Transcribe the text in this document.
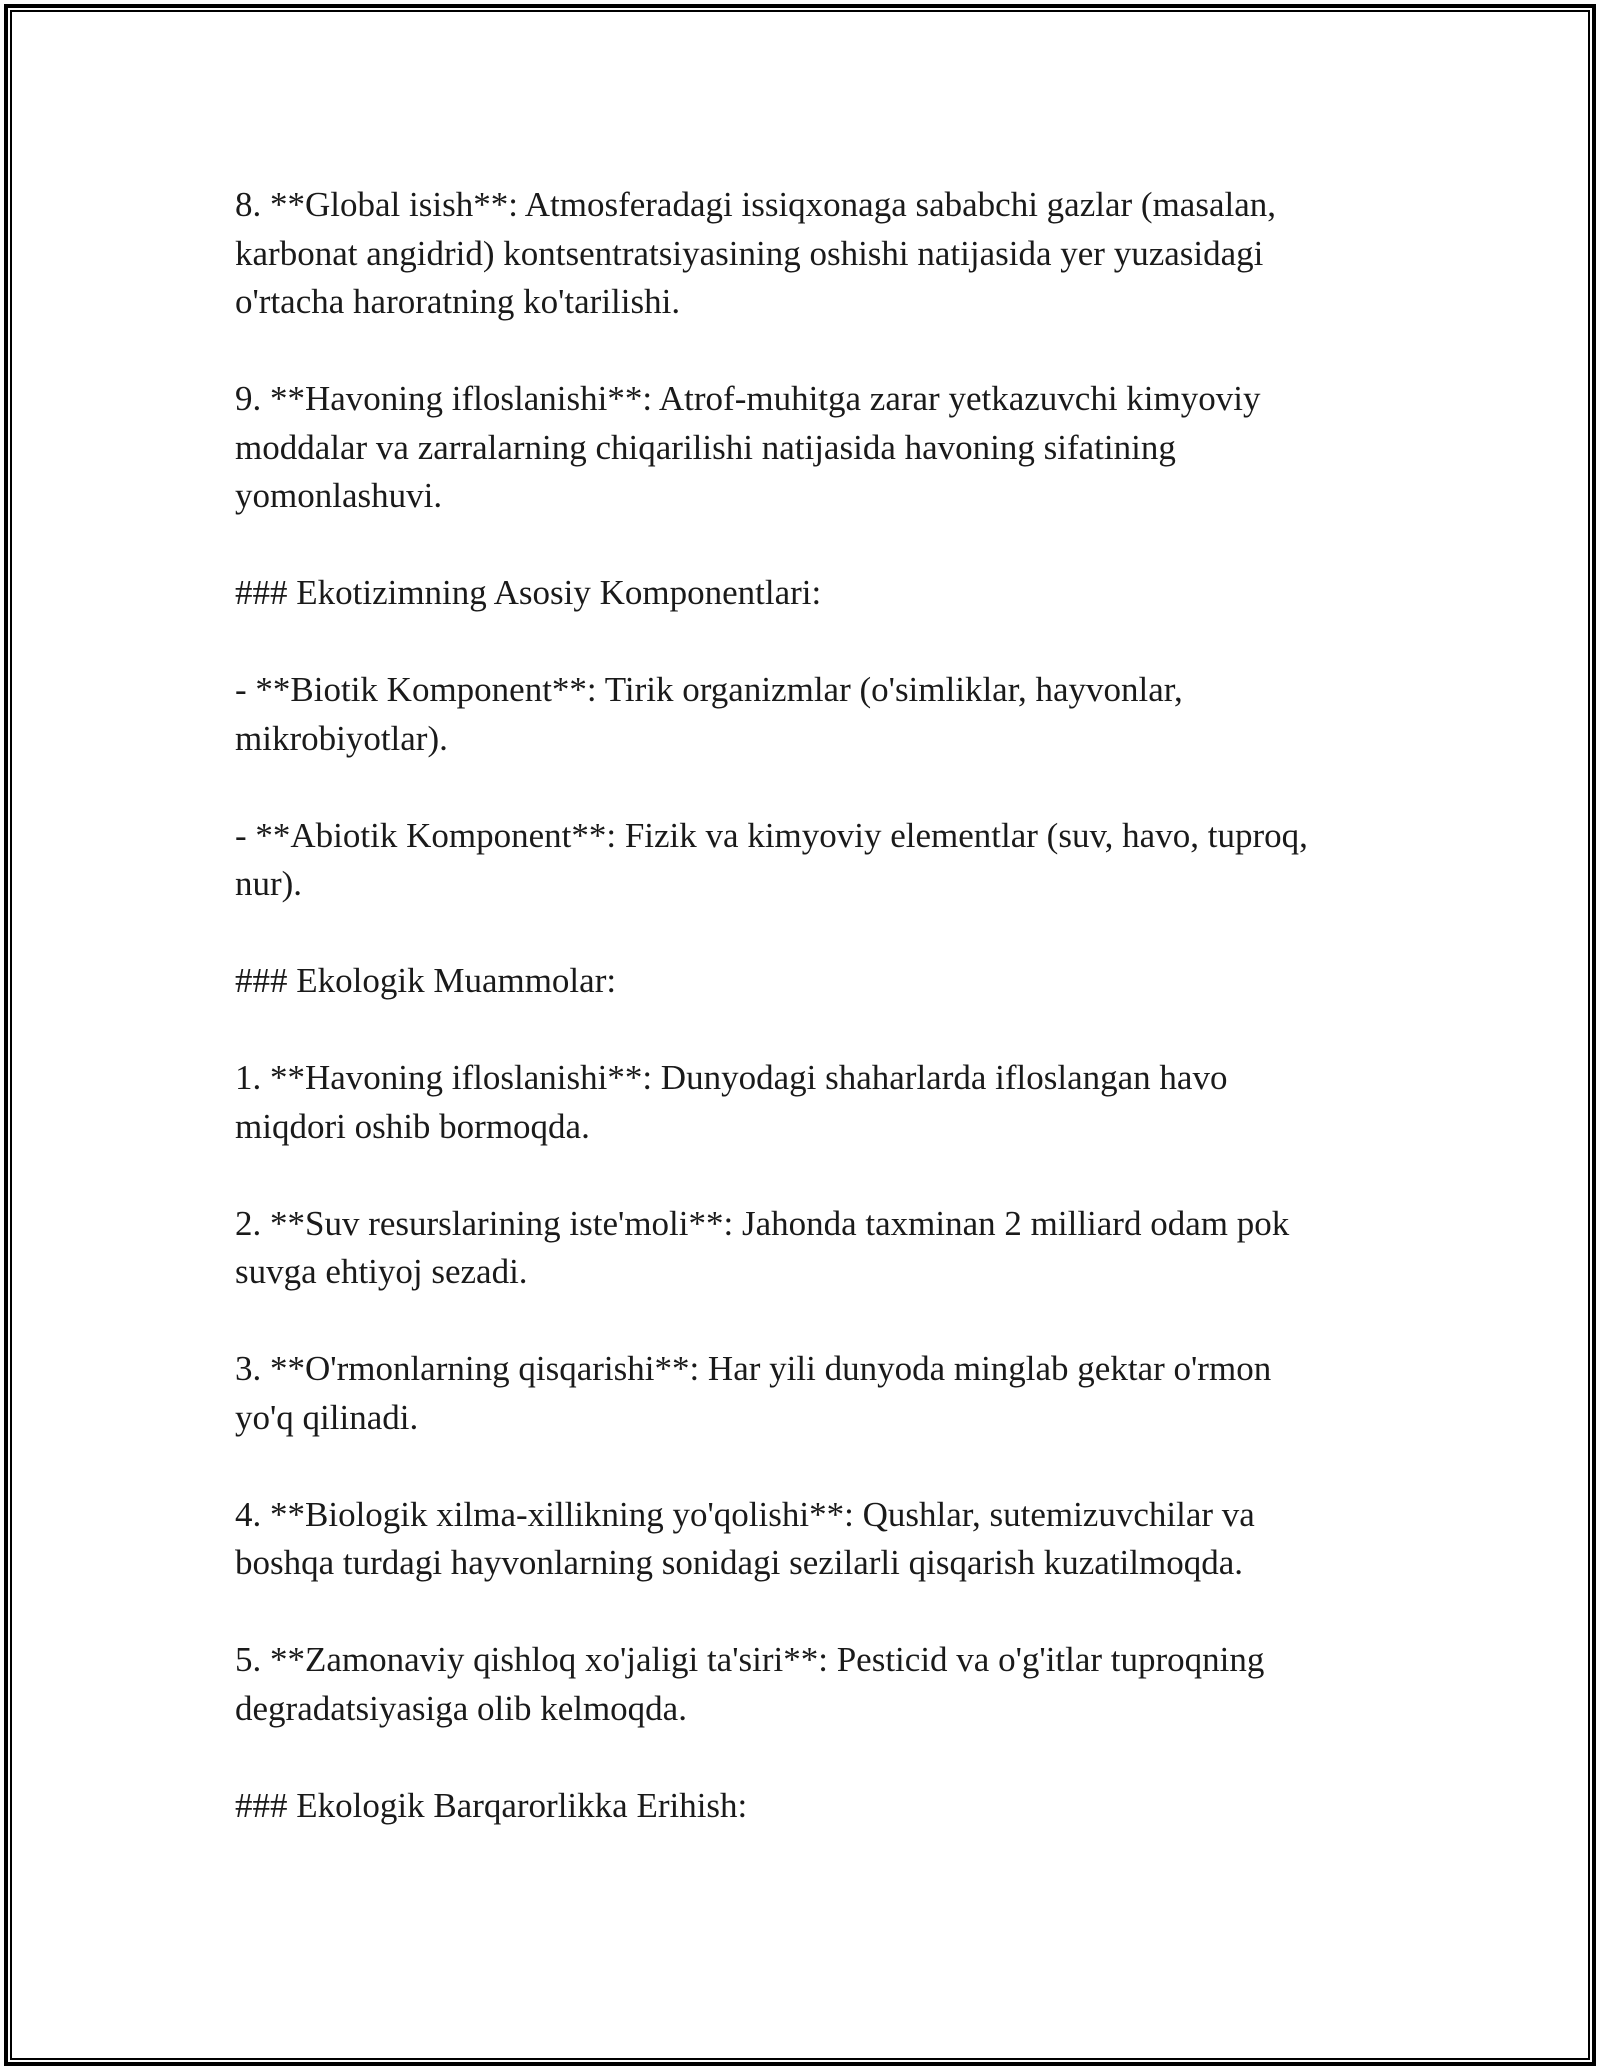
8. **Global isish**: Atmosferadagi issiqxonaga sababchi gazlar (masalan,
karbonat angidrid) kontsentratsiyasining oshishi natijasida yer yuzasidagi
o'rtacha haroratning ko'tarilishi.

9. **Havoning ifloslanishi**: Atrof-muhitga zarar yetkazuvchi kimyoviy
moddalar va zarralarning chiqarilishi natijasida havoning sifatining
yomonlashuvi.

### Ekotizimning Asosiy Komponentlari:

- **Biotik Komponent**: Tirik organizmlar (o'simliklar, hayvonlar,
mikrobiyotlar).

- **Abiotik Komponent**: Fizik va kimyoviy elementlar (suv, havo, tuproq,
nur).

### Ekologik Muammolar:

1. **Havoning ifloslanishi**: Dunyodagi shaharlarda ifloslangan havo
miqdori oshib bormoqda.

2. **Suv resurslarining iste'moli**: Jahonda taxminan 2 milliard odam pok
suvga ehtiyoj sezadi.

3. **O'rmonlarning qisqarishi**: Har yili dunyoda minglab gektar o'rmon
yo'q qilinadi.

4. **Biologik xilma-xillikning yo'qolishi**: Qushlar, sutemizuvchilar va
boshqa turdagi hayvonlarning sonidagi sezilarli qisqarish kuzatilmoqda.

5. **Zamonaviy qishloq xo'jaligi ta'siri**: Pesticid va o'g'itlar tuproqning
degradatsiyasiga olib kelmoqda.

### Ekologik Barqarorlikka Erihish:
